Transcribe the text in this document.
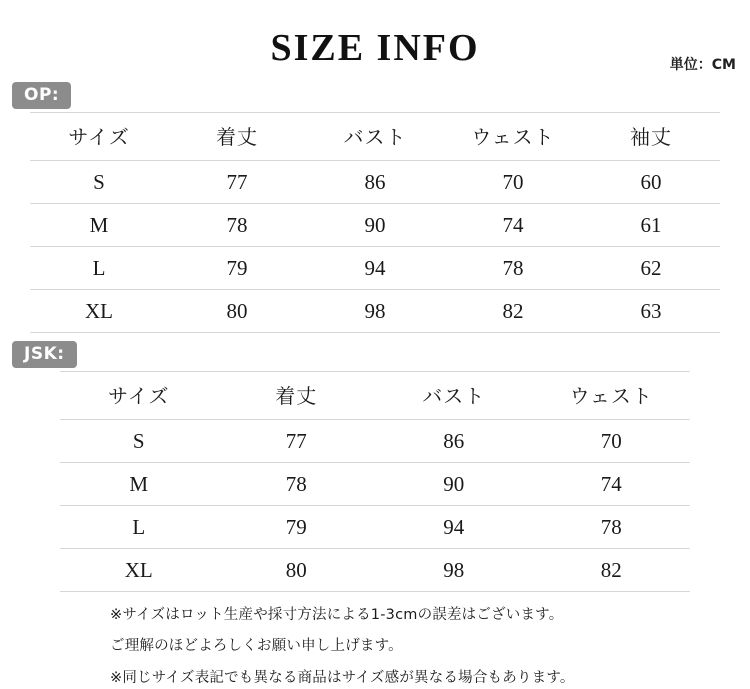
SIZE INFO	単位：CM
OP:
サイズ	着丈	バスト	ウェスト	袖丈
S	77	86	70	60
M	78	90	74	61
L	79	94	78	62
XL	80	98	82	63
JSK:
サイズ	着丈	バスト	ウェスト
S	77	86	70
M	78	90	74
L	79	94	78
XL	80	98	82
※サイズはロット生産や採寸方法による1-3cmの誤差はございます。
ご理解のほどよろしくお願い申し上げます。
※同じサイズ表記でも異なる商品はサイズ感が異なる場合もあります。
